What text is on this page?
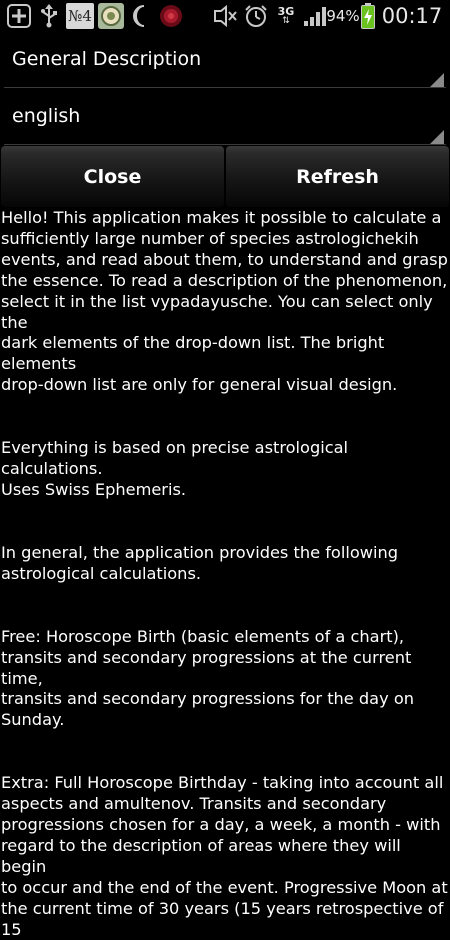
№4	3G
⇅ 94% 00:17
General Description
english
Close	Refresh

Hello! This application makes it possible to calculate a
sufficiently large number of species astrologichekih
events, and read about them, to understand and grasp
the essence. To read a description of the phenomenon,
select it in the list vypadayusche. You can select only the
dark elements of the drop-down list. The bright elements
drop-down list are only for general visual design.

Everything is based on precise astrological calculations.
Uses Swiss Ephemeris.

In general, the application provides the following
astrological calculations.

Free: Horoscope Birth (basic elements of a chart),
transits and secondary progressions at the current time,
transits and secondary progressions for the day on
Sunday.

Extra: Full Horoscope Birthday - taking into account all
aspects and amultenov. Transits and secondary
progressions chosen for a day, a week, a month - with
regard to the description of areas where they will begin
to occur and the end of the event. Progressive Moon at
the current time of 30 years (15 years retrospective of 15
